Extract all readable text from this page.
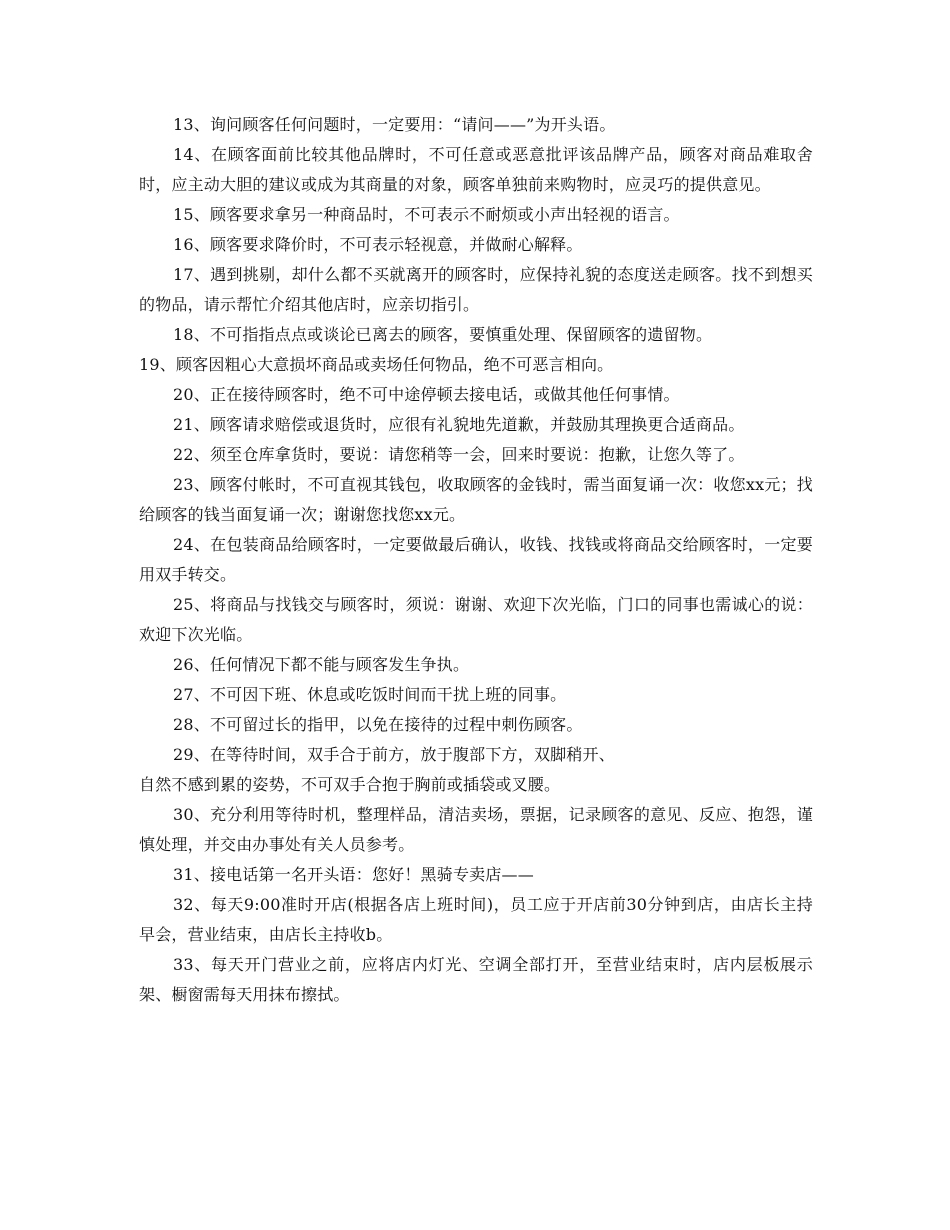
13、询问顾客任何问题时，一定要用：“请问——”为开头语。

14、在顾客面前比较其他品牌时，不可任意或恶意批评该品牌产品，顾客对商品难取舍时，应主动大胆的建议或成为其商量的对象，顾客单独前来购物时，应灵巧的提供意见。

15、顾客要求拿另一种商品时，不可表示不耐烦或小声出轻视的语言。

16、顾客要求降价时，不可表示轻视意，并做耐心解释。

17、遇到挑剔，却什么都不买就离开的顾客时，应保持礼貌的态度送走顾客。找不到想买的物品，请示帮忙介绍其他店时，应亲切指引。

18、不可指指点点或谈论已离去的顾客，要慎重处理、保留顾客的遗留物。

19、顾客因粗心大意损坏商品或卖场任何物品，绝不可恶言相向。

20、正在接待顾客时，绝不可中途停顿去接电话，或做其他任何事情。

21、顾客请求赔偿或退货时，应很有礼貌地先道歉，并鼓励其理换更合适商品。

22、须至仓库拿货时，要说：请您稍等一会，回来时要说：抱歉，让您久等了。

23、顾客付帐时，不可直视其钱包，收取顾客的金钱时，需当面复诵一次：收您xx元；找给顾客的钱当面复诵一次；谢谢您找您xx元。

24、在包装商品给顾客时，一定要做最后确认，收钱、找钱或将商品交给顾客时，一定要用双手转交。

25、将商品与找钱交与顾客时，须说：谢谢、欢迎下次光临，门口的同事也需诚心的说：欢迎下次光临。

26、任何情况下都不能与顾客发生争执。

27、不可因下班、休息或吃饭时间而干扰上班的同事。

28、不可留过长的指甲，以免在接待的过程中刺伤顾客。

29、在等待时间，双手合于前方，放于腹部下方，双脚稍开、

自然不感到累的姿势，不可双手合抱于胸前或插袋或叉腰。

30、充分利用等待时机，整理样品，清洁卖场，票据，记录顾客的意见、反应、抱怨，谨慎处理，并交由办事处有关人员参考。

31、接电话第一名开头语：您好！黑骑专卖店——

32、每天9:00准时开店(根据各店上班时间)，员工应于开店前30分钟到店，由店长主持早会，营业结束，由店长主持收b。

33、每天开门营业之前，应将店内灯光、空调全部打开，至营业结束时，店内层板展示架、橱窗需每天用抹布擦拭。
